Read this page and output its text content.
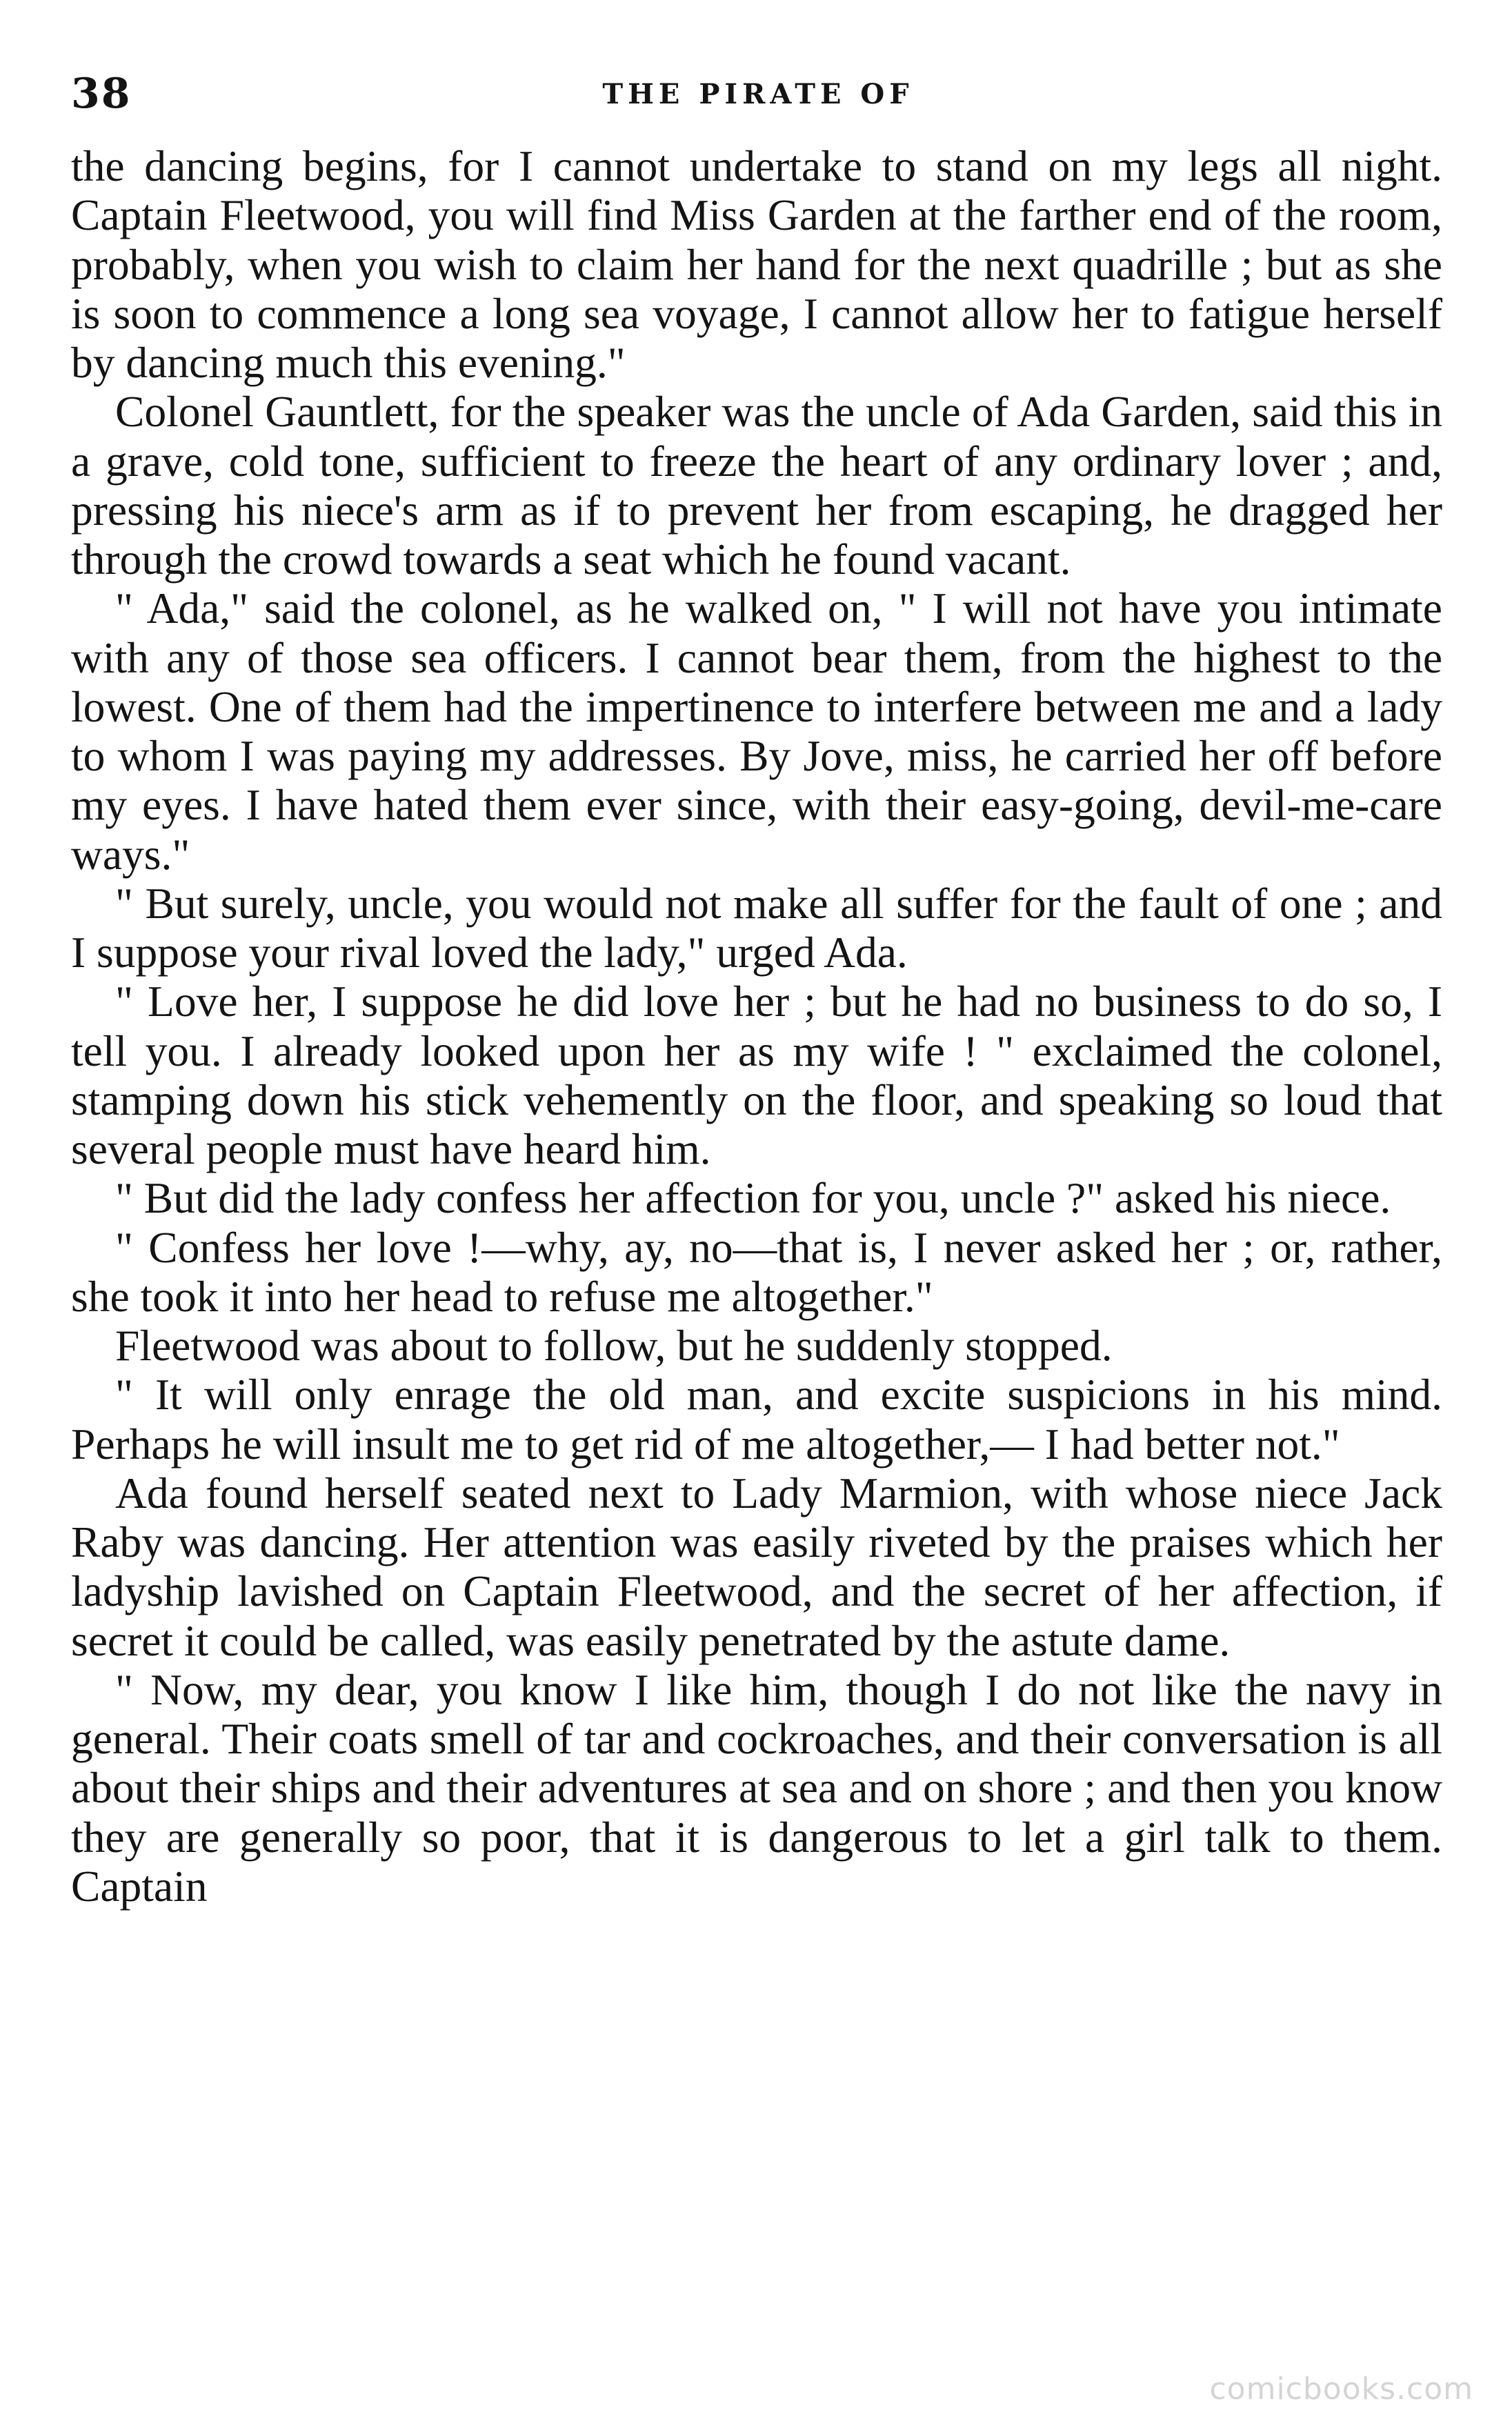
38	THE PIRATE OF

the dancing begins, for I cannot undertake to stand on my legs all night. Captain Fleetwood, you will find Miss Garden at the farther end of the room, probably, when you wish to claim her hand for the next quadrille ; but as she is soon to commence a long sea voyage, I cannot allow her to fatigue herself by dancing much this evening."

Colonel Gauntlett, for the speaker was the uncle of Ada Garden, said this in a grave, cold tone, sufficient to freeze the heart of any ordinary lover ; and, pressing his niece's arm as if to prevent her from escaping, he dragged her through the crowd towards a seat which he found vacant.

" Ada," said the colonel, as he walked on, " I will not have you intimate with any of those sea officers. I cannot bear them, from the highest to the lowest. One of them had the impertinence to interfere between me and a lady to whom I was paying my addresses. By Jove, miss, he carried her off before my eyes. I have hated them ever since, with their easy-going, devil-me-care ways."

" But surely, uncle, you would not make all suffer for the fault of one ; and I suppose your rival loved the lady," urged Ada.

" Love her, I suppose he did love her ; but he had no business to do so, I tell you. I already looked upon her as my wife ! " exclaimed the colonel, stamping down his stick vehemently on the floor, and speaking so loud that several people must have heard him.

" But did the lady confess her affection for you, uncle ?" asked his niece.

" Confess her love !—why, ay, no—that is, I never asked her ; or, rather, she took it into her head to refuse me altogether."

Fleetwood was about to follow, but he suddenly stopped.

" It will only enrage the old man, and excite suspicions in his mind. Perhaps he will insult me to get rid of me altogether,— I had better not."

Ada found herself seated next to Lady Marmion, with whose niece Jack Raby was dancing. Her attention was easily riveted by the praises which her ladyship lavished on Captain Fleetwood, and the secret of her affection, if secret it could be called, was easily penetrated by the astute dame.

" Now, my dear, you know I like him, though I do not like the navy in general. Their coats smell of tar and cockroaches, and their conversation is all about their ships and their adventures at sea and on shore ; and then you know they are generally so poor, that it is dangerous to let a girl talk to them. Captain

comicbooks.com
